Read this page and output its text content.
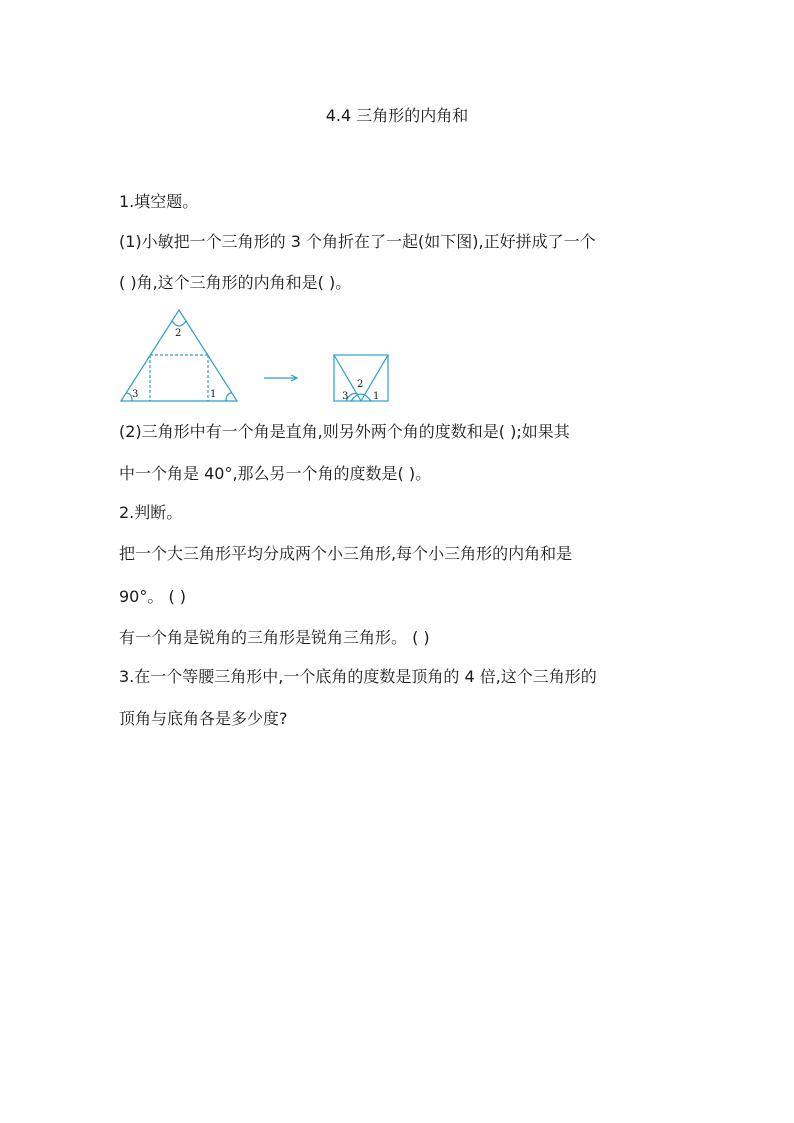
4.4 三角形的内角和
1.填空题。
(1)小敏把一个三角形的 3 个角折在了一起(如下图),正好拼成了一个
( )角,这个三角形的内角和是( )。
2
3	1
2
3 1
(2)三角形中有一个角是直角,则另外两个角的度数和是( );如果其
中一个角是 40°,那么另一个角的度数是( )。
2.判断。
把一个大三角形平均分成两个小三角形,每个小三角形的内角和是
90°。 ( )
有一个角是锐角的三角形是锐角三角形。 ( )
3.在一个等腰三角形中,一个底角的度数是顶角的 4 倍,这个三角形的
顶角与底角各是多少度?
